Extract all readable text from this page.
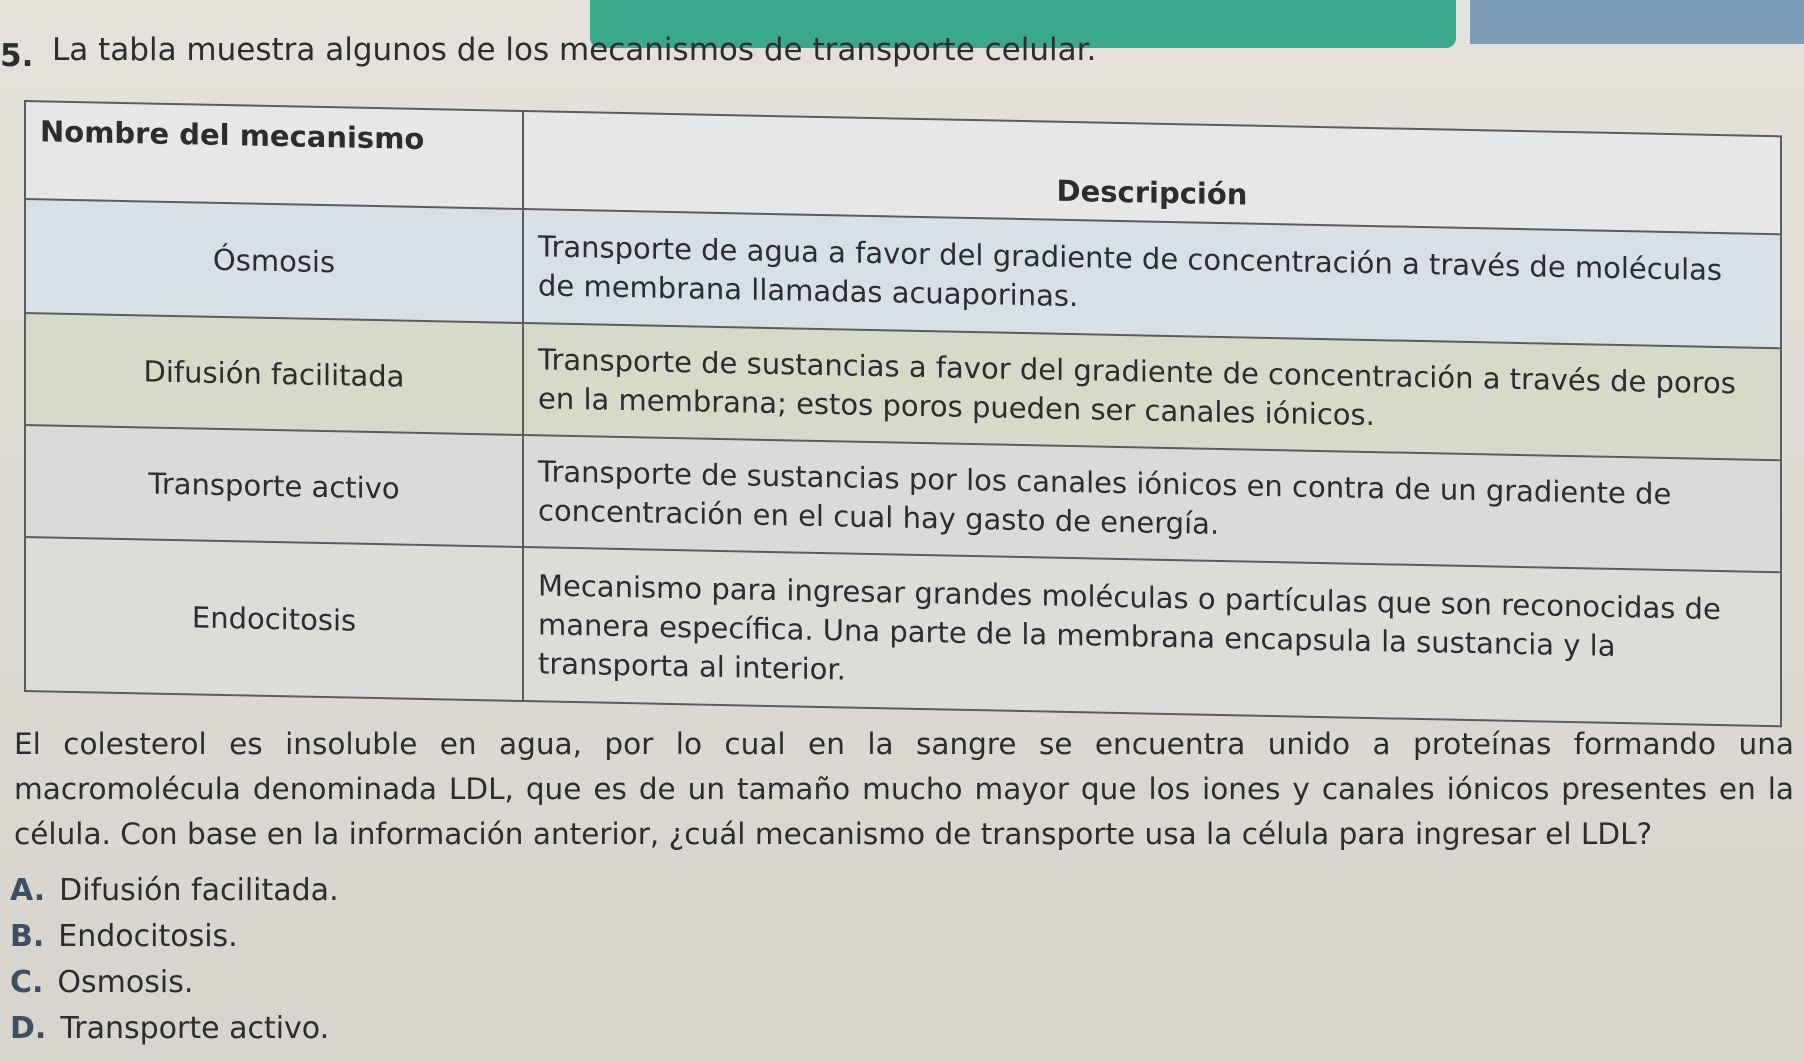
5. La tabla muestra algunos de los mecanismos de transporte celular.
Nombre del mecanismo	Descripción
Ósmosis	Transporte de agua a favor del gradiente de concentración a través de moléculas de membrana llamadas acuaporinas.
Difusión facilitada	Transporte de sustancias a favor del gradiente de concentración a través de poros en la membrana; estos poros pueden ser canales iónicos.
Transporte activo	Transporte de sustancias por los canales iónicos en contra de un gradiente de concentración en el cual hay gasto de energía.
Endocitosis	Mecanismo para ingresar grandes moléculas o partículas que son reconocidas de manera específica. Una parte de la membrana encapsula la sustancia y la transporta al interior.
El colesterol es insoluble en agua, por lo cual en la sangre se encuentra unido a proteínas formando una macromolécula denominada LDL, que es de un tamaño mucho mayor que los iones y canales iónicos presentes en la célula. Con base en la información anterior, ¿cuál mecanismo de transporte usa la célula para ingresar el LDL?
A. Difusión facilitada.
B. Endocitosis.
C. Osmosis.
D. Transporte activo.
